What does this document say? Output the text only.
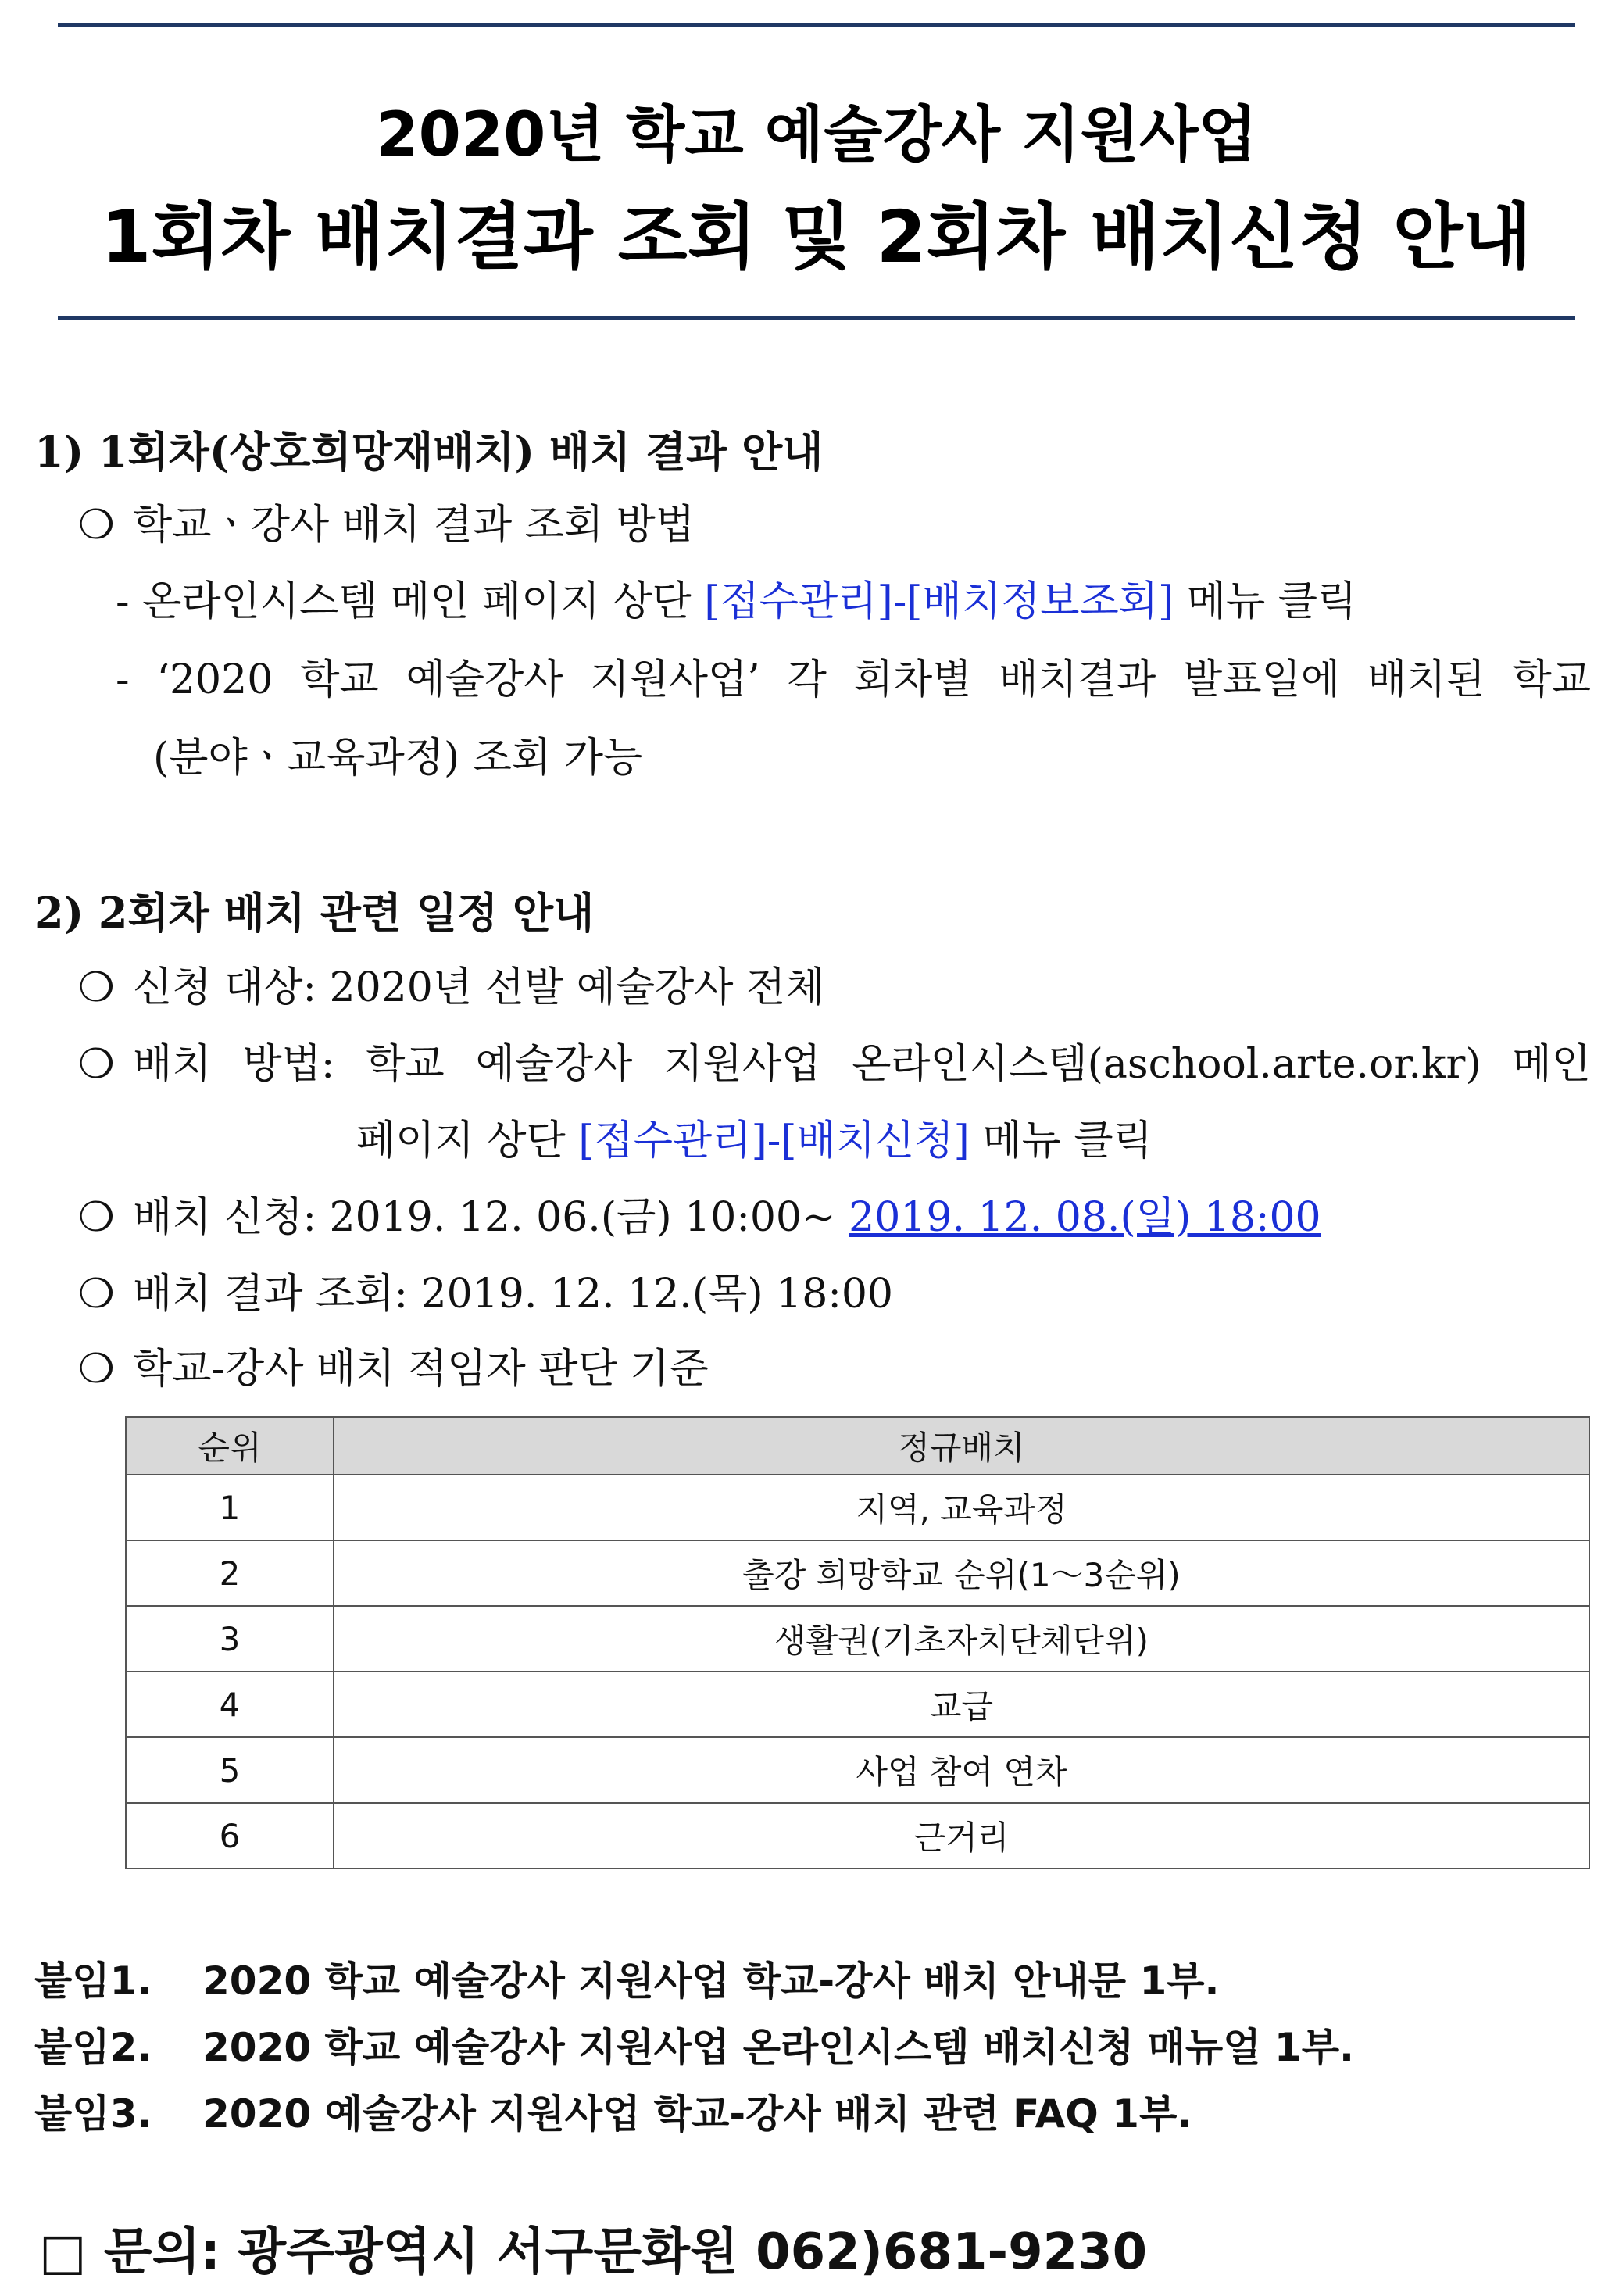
2020년 학교 예술강사 지원사업
1회차 배치결과 조회 및 2회차 배치신청 안내
1) 1회차(상호희망재배치) 배치 결과 안내
❍ 학교ㆍ강사 배치 결과 조회 방법
- 온라인시스템 메인 페이지 상단 [접수관리]-[배치정보조회] 메뉴 클릭
- ‘2020 학교 예술강사 지원사업’ 각 회차별 배치결과 발표일에 배치된 학교
(분야ㆍ교육과정) 조회 가능
2) 2회차 배치 관련 일정 안내
❍ 신청 대상: 2020년 선발 예술강사 전체
❍ 배치 방법: 학교 예술강사 지원사업 온라인시스템(aschool.arte.or.kr) 메인
페이지 상단 [접수관리]-[배치신청] 메뉴 클릭
❍ 배치 신청: 2019. 12. 06.(금) 10:00~ 2019. 12. 08.(일) 18:00
❍ 배치 결과 조회: 2019. 12. 12.(목) 18:00
❍ 학교-강사 배치 적임자 판단 기준
순위	정규배치
1	지역, 교육과정
2	출강 희망학교 순위(1～3순위)
3	생활권(기초자치단체단위)
4	교급
5	사업 참여 연차
6	근거리
붙임1. 2020 학교 예술강사 지원사업 학교-강사 배치 안내문 1부.
붙임2. 2020 학교 예술강사 지원사업 온라인시스템 배치신청 매뉴얼 1부.
붙임3. 2020 예술강사 지원사업 학교-강사 배치 관련 FAQ 1부.
□ 문의: 광주광역시 서구문화원 062)681-9230
